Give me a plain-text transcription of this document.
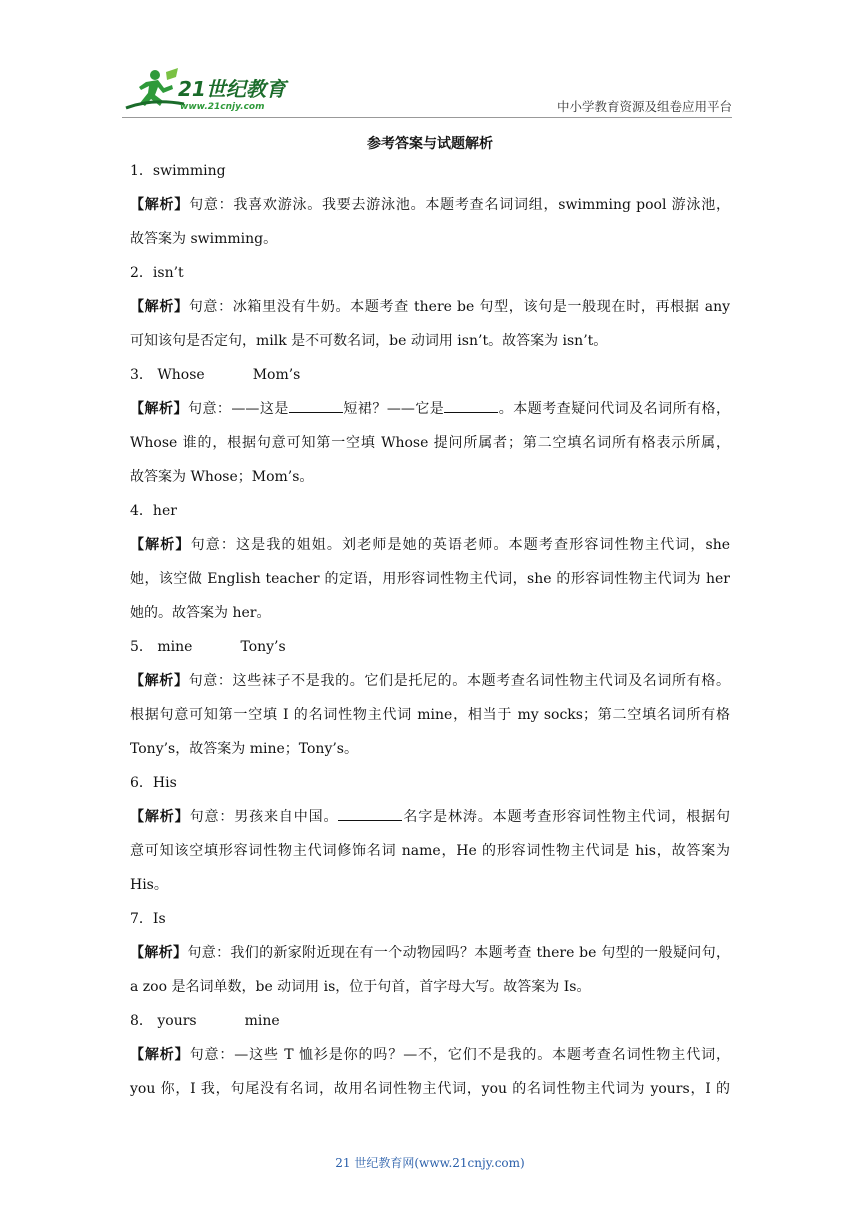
21世纪教育
www.21cnjy.com	中小学教育资源及组卷应用平台
参考答案与试题解析
1．swimming
【解析】句意：我喜欢游泳。我要去游泳池。本题考查名词词组，swimming pool 游泳池，
故答案为 swimming。
2．isn’t
【解析】句意：冰箱里没有牛奶。本题考查 there be 句型，该句是一般现在时，再根据 any
可知该句是否定句，milk 是不可数名词，be 动词用 isn’t。故答案为 isn’t。
3． Whose	Mom’s
【解析】句意：——这是	短裙？——它是	。本题考查疑问代词及名词所有格，
Whose 谁的，根据句意可知第一空填 Whose 提问所属者；第二空填名词所有格表示所属，
故答案为 Whose；Mom’s。
4．her
【解析】句意：这是我的姐姐。刘老师是她的英语老师。本题考查形容词性物主代词，she
她，该空做 English teacher 的定语，用形容词性物主代词，she 的形容词性物主代词为 her
她的。故答案为 her。
5． mine	Tony’s
【解析】句意：这些袜子不是我的。它们是托尼的。本题考查名词性物主代词及名词所有格。
根据句意可知第一空填 I 的名词性物主代词 mine，相当于 my socks；第二空填名词所有格
Tony’s，故答案为 mine；Tony’s。
6．His
【解析】句意：男孩来自中国。	名字是林涛。本题考查形容词性物主代词，根据句
意可知该空填形容词性物主代词修饰名词 name，He 的形容词性物主代词是 his，故答案为
His。
7．Is
【解析】句意：我们的新家附近现在有一个动物园吗？本题考查 there be 句型的一般疑问句，
a zoo 是名词单数，be 动词用 is，位于句首，首字母大写。故答案为 Is。
8． yours	mine
【解析】句意：—这些 T 恤衫是你的吗？—不，它们不是我的。本题考查名词性物主代词，
you 你，I 我，句尾没有名词，故用名词性物主代词，you 的名词性物主代词为 yours，I 的
21 世纪教育网(www.21cnjy.com)
